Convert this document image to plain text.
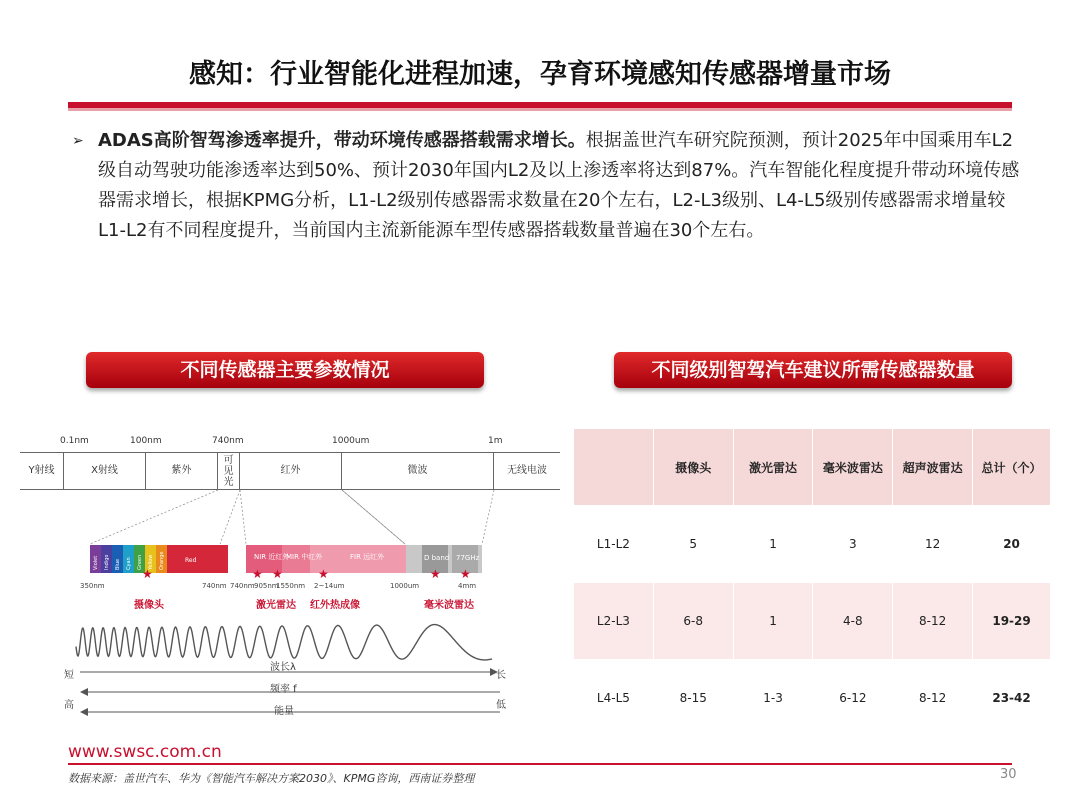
感知：行业智能化进程加速，孕育环境感知传感器增量市场
➢ ADAS高阶智驾渗透率提升，带动环境传感器搭载需求增长。根据盖世汽车研究院预测，预计2025年中国乘用车L2级自动驾驶功能渗透率达到50%、预计2030年国内L2及以上渗透率将达到87%。汽车智能化程度提升带动环境传感器需求增长，根据KPMG分析，L1-L2级别传感器需求数量在20个左右，L2-L3级别、L4-L5级别传感器需求增量较L1-L2有不同程度提升，当前国内主流新能源车型传感器搭载数量普遍在30个左右。

不同传感器主要参数情况	不同级别智驾汽车建议所需传感器数量
0.1nm	100nm	740nm	1000um	1m
Y射线	X射线	紫外
可见光
红外	微波	无线电波
Violet Indigo Blue Cyan Green Yellow Orange	Red	NIR 近红外
MIR 中红外	FIR 远红外	D band 77GHz
350nm	740nm 740nm 905nm
1550nm 2~14um	1000um	4mm
★	★ ★	★	★ ★
摄像头	激光雷达 红外热成像	毫米波雷达
短	长
高	低
波长λ
频率 f
能量
	摄像头	激光雷达	毫米波雷达	超声波雷达	总计（个）
L1-L2	5	1	3	12	20
L2-L3	6-8	1	4-8	8-12	19-29
L4-L5	8-15	1-3	6-12	8-12	23-42
www.swsc.com.cn
数据来源：盖世汽车、华为《智能汽车解决方案2030》、KPMG咨询，西南证券整理	30
